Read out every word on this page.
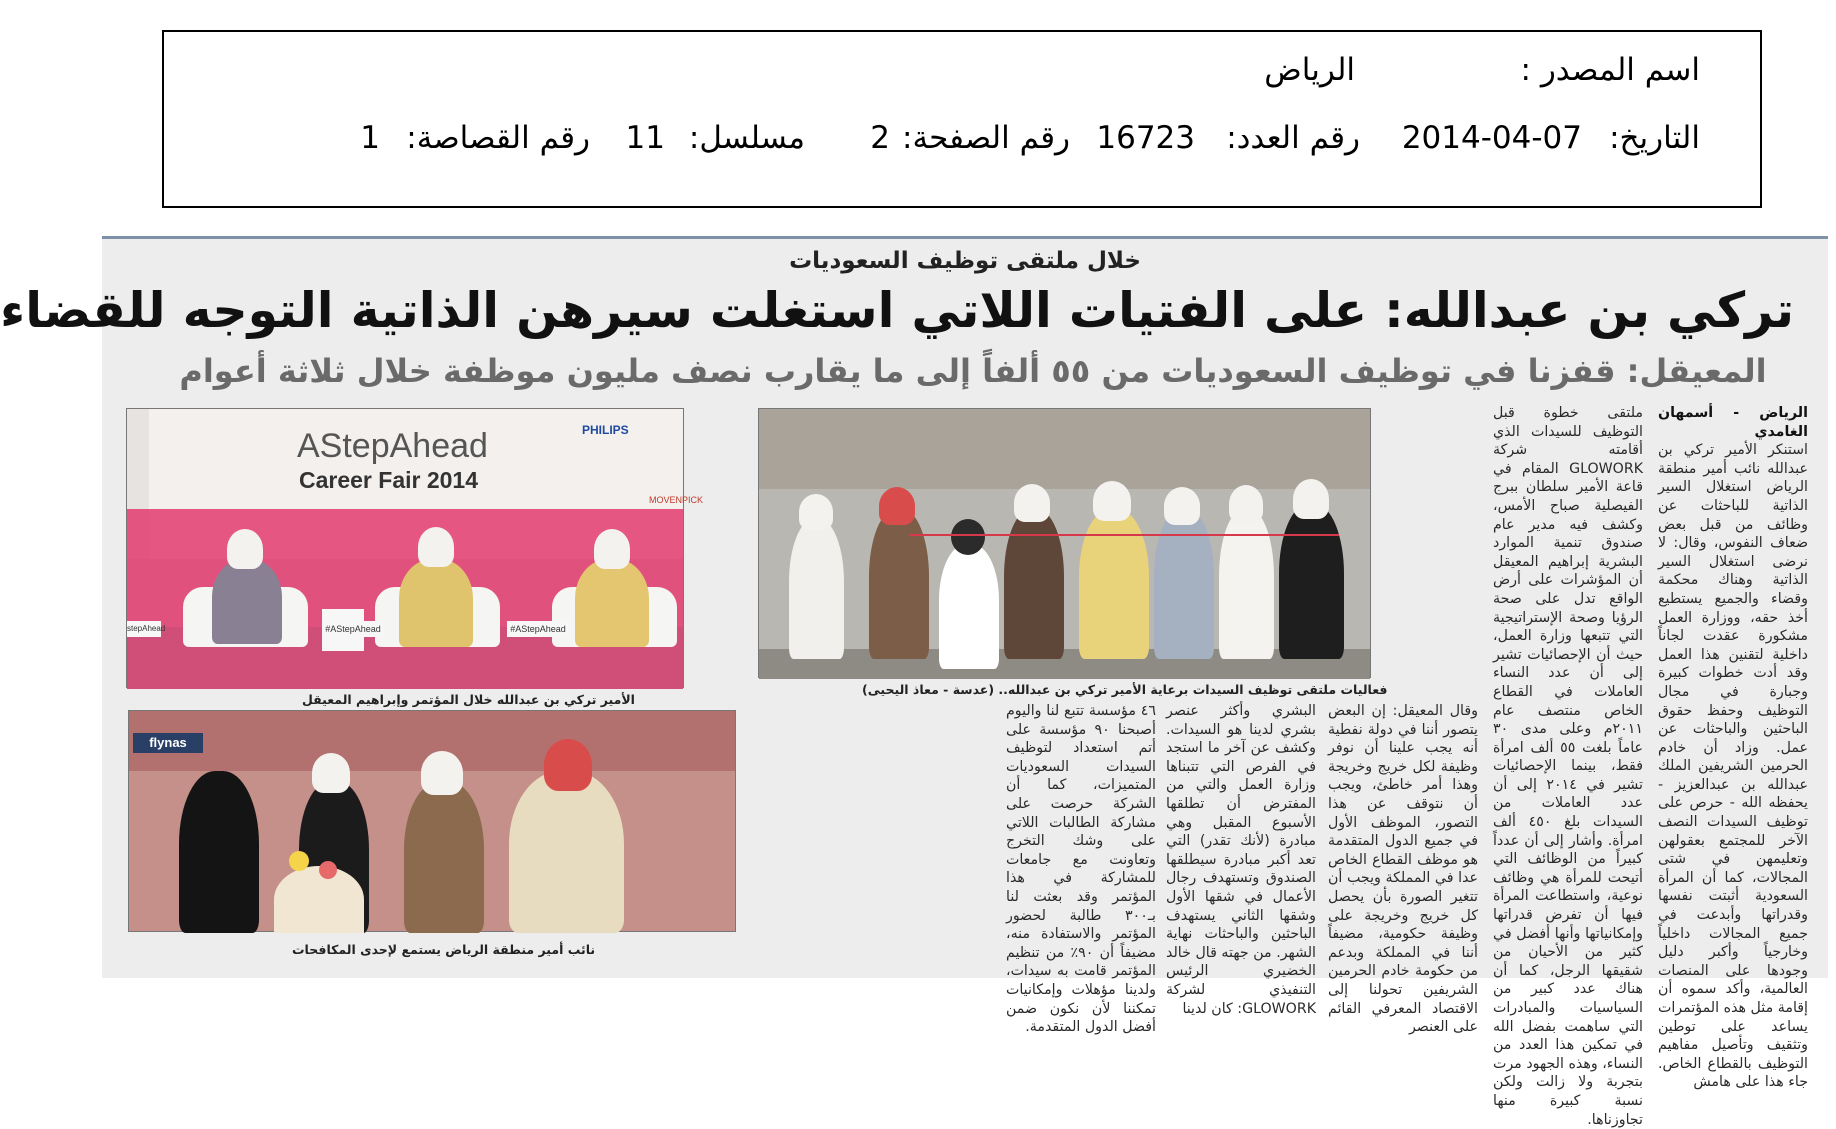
اسم المصدر :
الرياض
التاريخ:
2014-04-07
رقم العدد:
16723
رقم الصفحة:
2
مسلسل:
11
رقم القصاصة:
1
خلال ملتقى توظيف السعوديات
تركي بن عبدالله: على الفتيات اللاتي استغلت سيرهن الذاتية التوجه للقضاء
المعيقل: قفزنا في توظيف السعوديات من ٥٥ ألفاً إلى ما يقارب نصف مليون موظفة خلال ثلاثة أعوام
الرياض - أسمهان الغامدي
استنكر الأمير تركي بن عبدالله نائب أمير منطقة الرياض استغلال السير الذاتية للباحثات عن وظائف من قبل بعض ضعاف النفوس، وقال: لا نرضى استغلال السير الذاتية وهناك محكمة وقضاء والجميع يستطيع أخذ حقه، ووزارة العمل مشكورة عقدت لجاناً داخلية لتقنين هذا العمل وقد أدت خطوات كبيرة وجبارة في مجال التوظيف وحفظ حقوق الباحثين والباحثات عن عمل. وزاد أن خادم الحرمين الشريفين الملك عبدالله بن عبدالعزيز - يحفظه الله - حرص على توظيف السيدات النصف الآخر للمجتمع بعقولهن وتعليمهن في شتى المجالات، كما أن المرأة السعودية أثبتت نفسها وقدراتها وأبدعت في جميع المجالات داخلياً وخارجياً وأكبر دليل وجودها على المنصات العالمية، وأكد سموه أن إقامة مثل هذه المؤتمرات يساعد على توطين وتثقيف وتأصيل مفاهيم التوظيف بالقطاع الخاص. جاء هذا على هامش
ملتقى خطوة قبل التوظيف للسيدات الذي أقامته شركة GLOWORK المقام في قاعة الأمير سلطان ببرج الفيصلية صباح الأمس، وكشف فيه مدير عام صندوق تنمية الموارد البشرية إبراهيم المعيقل أن المؤشرات على أرض الواقع تدل على صحة الرؤيا وصحة الإستراتيجية التي تتبعها وزارة العمل، حيث أن الإحصائيات تشير إلى أن عدد النساء العاملات في القطاع الخاص منتصف عام ٢٠١١م وعلى مدى ٣٠ عاماً بلغت ٥٥ ألف امرأة فقط، بينما الإحصائيات تشير في ٢٠١٤ إلى أن عدد العاملات من السيدات بلغ ٤٥٠ ألف امرأة. وأشار إلى أن عدداً كبيراً من الوظائف التي أتيحت للمرأة هي وظائف نوعية، واستطاعت المرأة فيها أن تفرض قدراتها وإمكانياتها وأنها أفضل في كثير من الأحيان من شقيقها الرجل، كما أن هناك عدد كبير من السياسيات والمبادرات التي ساهمت بفضل الله في تمكين هذا العدد من النساء، وهذه الجهود مرت بتجربة ولا زالت ولكن نسبة كبيرة منها تجاوزناها.
وقال المعيقل: إن البعض يتصور أننا في دولة نفطية أنه يجب علينا أن نوفر وظيفة لكل خريج وخريجة وهذا أمر خاطئ، ويجب أن نتوقف عن هذا التصور، الموظف الأول في جميع الدول المتقدمة هو موظف القطاع الخاص عدا في المملكة ويجب أن تتغير الصورة بأن يحصل كل خريج وخريجة على وظيفة حكومية، مضيفاً أننا في المملكة وبدعم من حكومة خادم الحرمين الشريفين تحولنا إلى الاقتصاد المعرفي القائم على العنصر
البشري وأكثر عنصر بشري لدينا هو السيدات. وكشف عن آخر ما استجد في الفرص التي تتبناها وزارة العمل والتي من المفترض أن تطلقها الأسبوع المقبل وهي مبادرة (لأنك تقدر) التي تعد أكبر مبادرة سيطلقها الصندوق وتستهدف رجال الأعمال في شقها الأول وشقها الثاني يستهدف الباحثين والباحثات نهاية الشهر. من جهته قال خالد الخضيري الرئيس التنفيذي لشركة GLOWORK: كان لدينا
٤٦ مؤسسة تتبع لنا واليوم أصبحنا ٩٠ مؤسسة على أتم استعداد لتوظيف السيدات السعوديات المتميزات، كما أن الشركة حرصت على مشاركة الطالبات اللاتي على وشك التخرج وتعاونت مع جامعات للمشاركة في هذا المؤتمر وقد بعثت لنا بـ٣٠٠ طالبة لحضور المؤتمر والاستفادة منه، مضيفاً أن ٩٠٪ من تنظيم المؤتمر قامت به سيدات، ولدينا مؤهلات وإمكانيات تمكننا لأن نكون ضمن أفضل الدول المتقدمة.
AStepAhead
Career Fair 2014
PHILIPS
MOVENPICK
#AStepAhead
stepAhead	#AStepAhead
الأمير تركي بن عبدالله خلال المؤتمر وإبراهيم المعيقل
فعاليات ملتقى توظيف السيدات برعاية الأمير تركي بن عبدالله.. (عدسة - معاذ اليحيى)
flynas
نائب أمير منطقة الرياض يستمع لإحدى المكافحات
